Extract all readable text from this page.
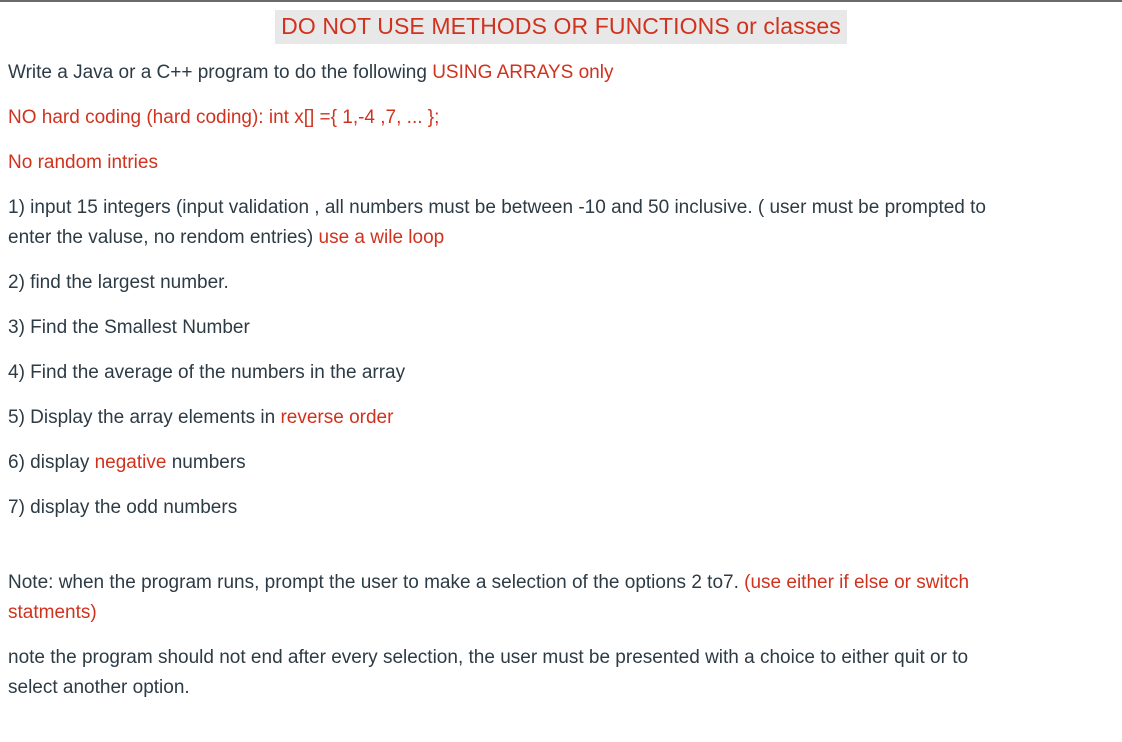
DO NOT USE METHODS OR FUNCTIONS or classes

Write a Java or a C++ program to do the following USING ARRAYS only

NO hard coding (hard coding): int x[] ={ 1,-4 ,7, ... };

No random intries

1) input 15 integers (input validation , all numbers must be between -10 and 50 inclusive. ( user must be prompted to

enter the valuse, no rendom entries) use a wile loop

2) find the largest number.

3) Find the Smallest Number

4) Find the average of the numbers in the array

5) Display the array elements in reverse order

6) display negative numbers

7) display the odd numbers

Note: when the program runs, prompt the user to make a selection of the options 2 to7. (use either if else or switch

statments)

note the program should not end after every selection, the user must be presented with a choice to either quit or to

select another option.
